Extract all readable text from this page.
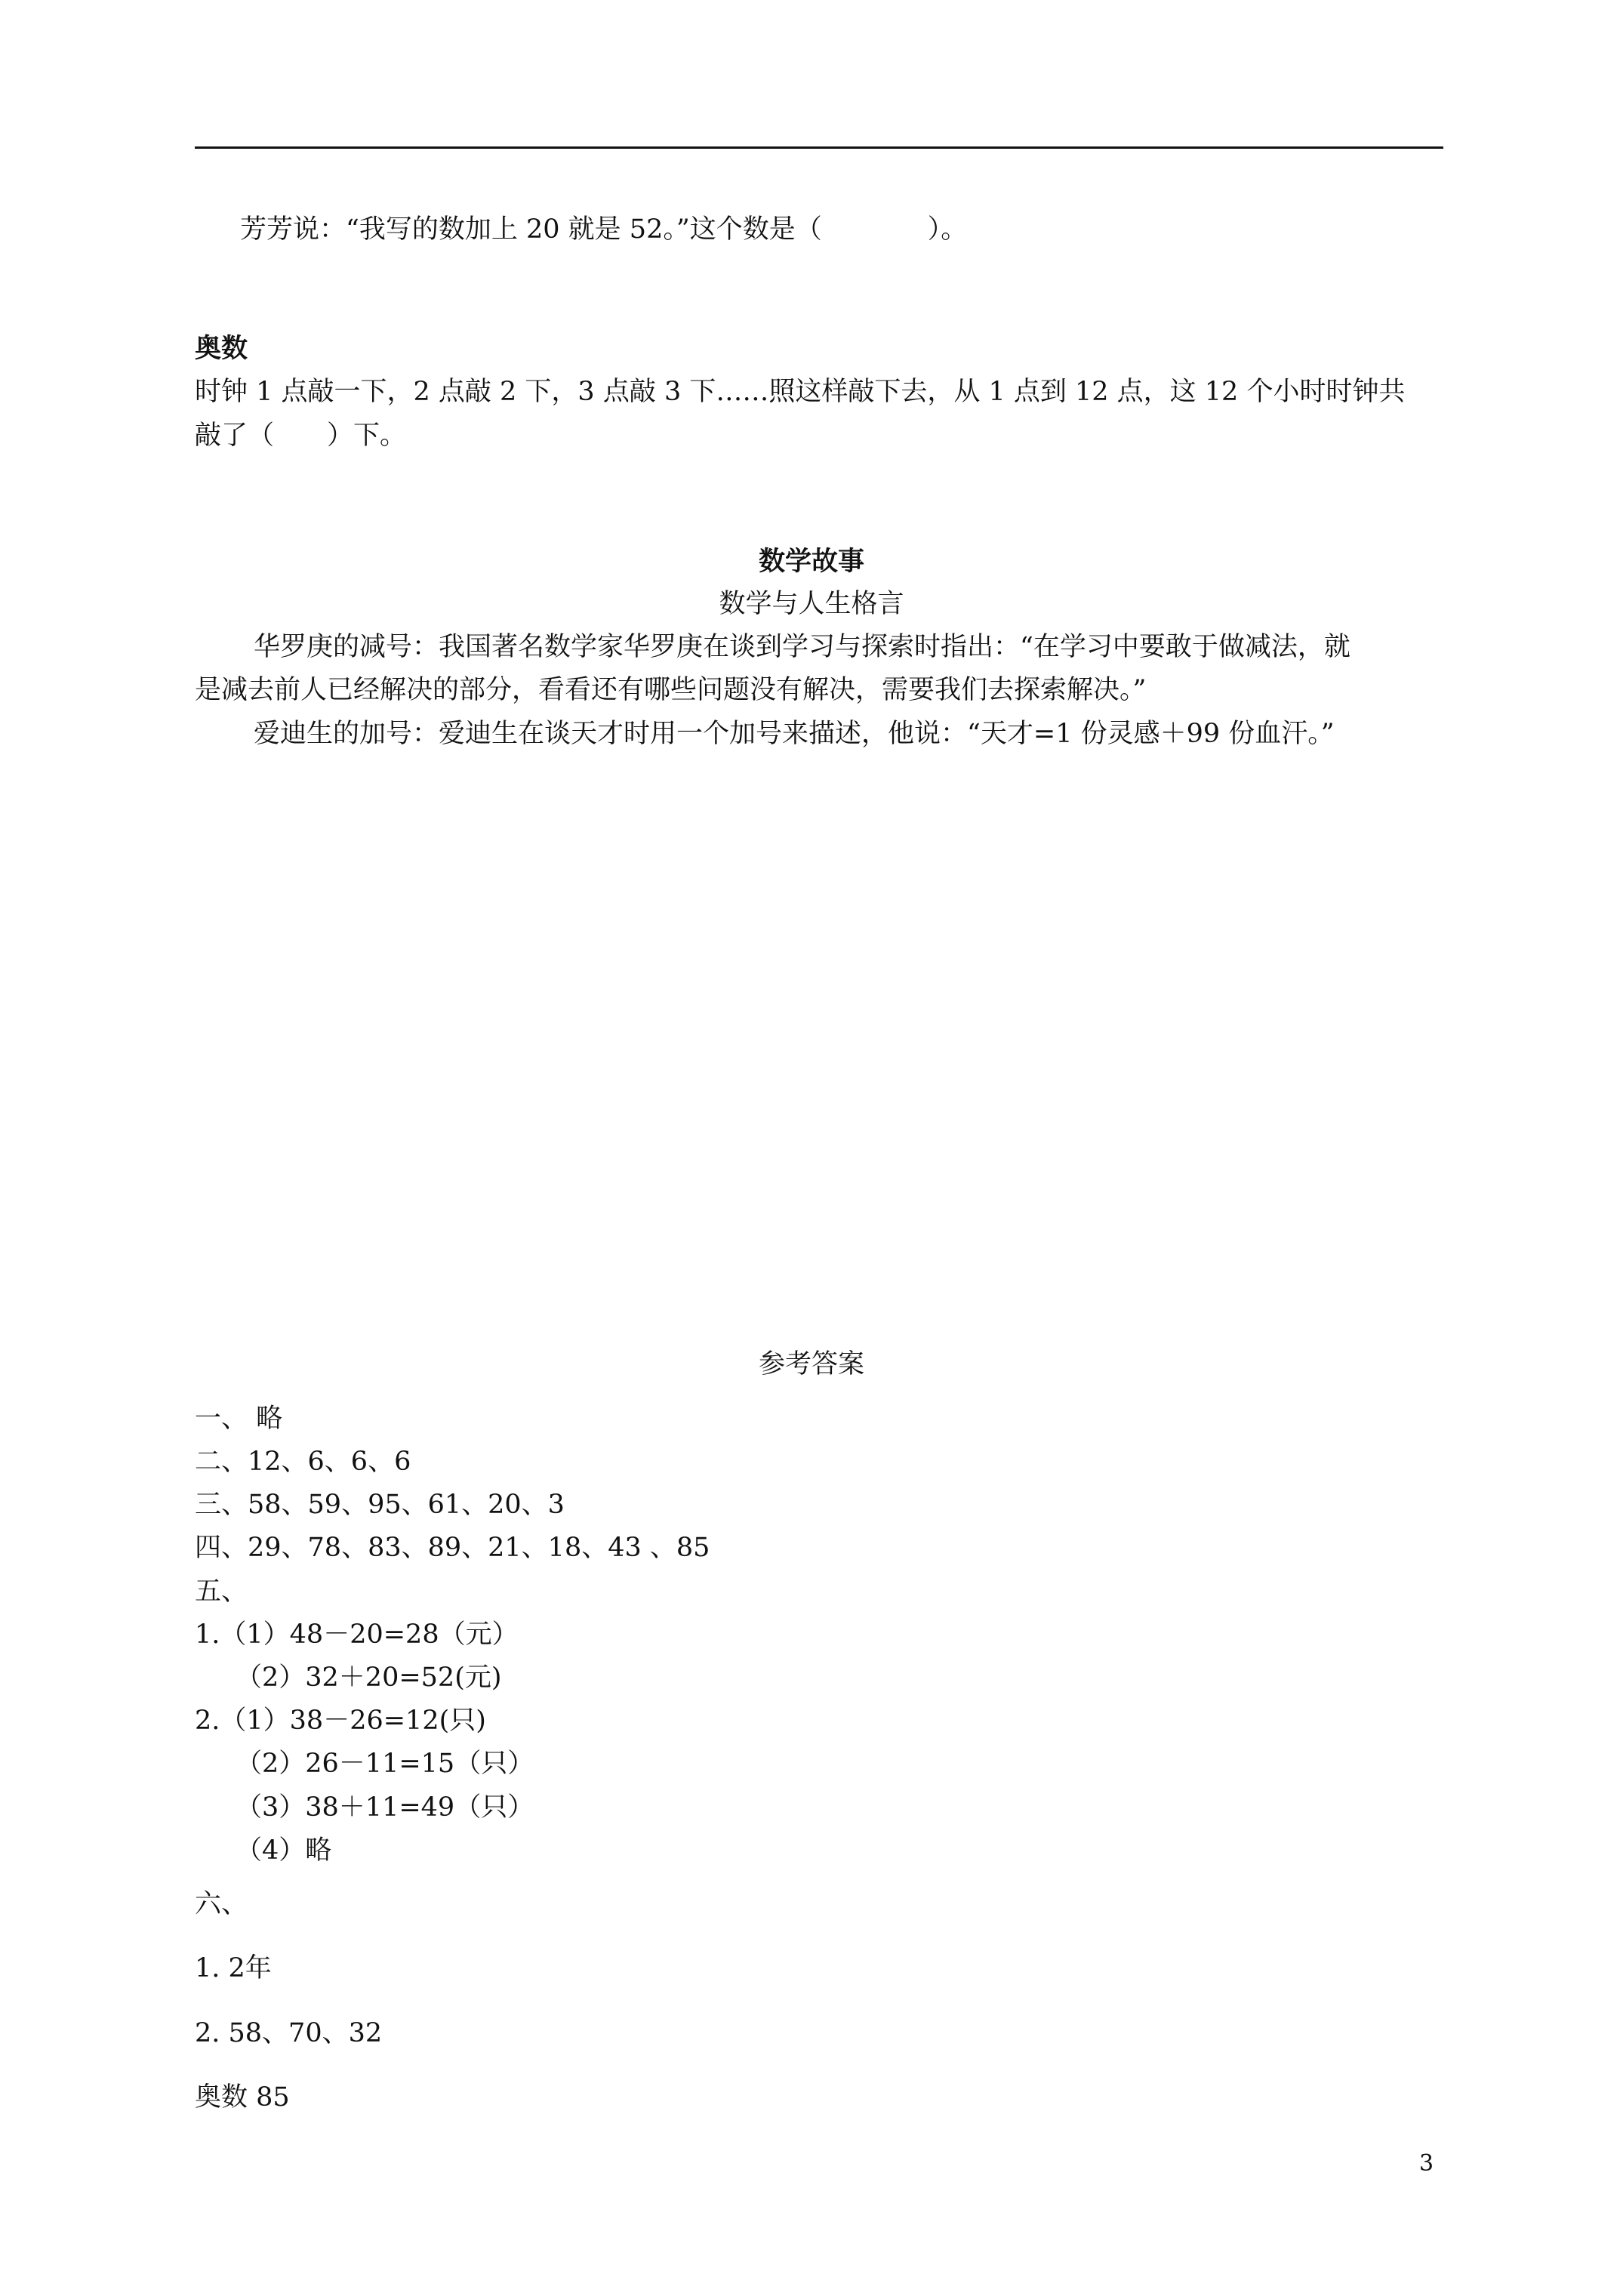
芳芳说：“我写的数加上 20 就是 52。”这个数是（　　　　）。
奥数
时钟 1 点敲一下，2 点敲 2 下，3 点敲 3 下……照这样敲下去，从 1 点到 12 点，这 12 个小时时钟共
敲了（　　）下。
数学故事
数学与人生格言
华罗庚的减号：我国著名数学家华罗庚在谈到学习与探索时指出：“在学习中要敢于做减法，就
是减去前人已经解决的部分，看看还有哪些问题没有解决，需要我们去探索解决。”
爱迪生的加号：爱迪生在谈天才时用一个加号来描述，他说：“天才=1 份灵感＋99 份血汗。”
参考答案
一、 略
二、12、6、6、6
三、58、59、95、61、20、3
四、29、78、83、89、21、18、43 、85
五、
1.（1）48－20=28（元）
（2）32＋20=52(元)
2.（1）38－26=12(只)
（2）26－11=15（只）
（3）38＋11=49（只）
（4）略
六、
1. 2年
2. 58、70、32
奥数 85
3
